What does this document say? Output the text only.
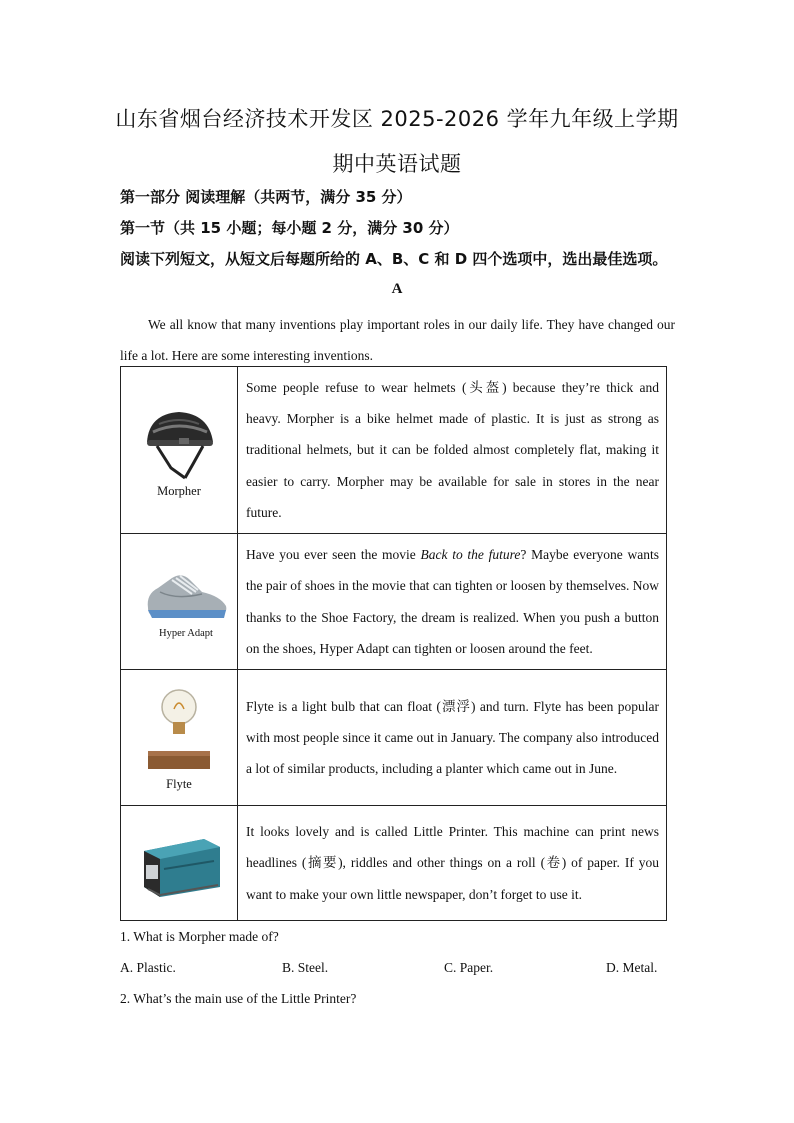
山东省烟台经济技术开发区 2025-2026 学年九年级上学期
期中英语试题
第一部分 阅读理解（共两节，满分 35 分）
第一节（共 15 小题；每小题 2 分，满分 30 分）
阅读下列短文，从短文后每题所给的 A、B、C 和 D 四个选项中，选出最佳选项。
A
We all know that many inventions play important roles in our daily life. They have changed our life a lot. Here are some interesting inventions.
Morpher	Some people refuse to wear helmets (头盔) because they’re thick and heavy. Morpher is a bike helmet made of plastic. It is just as strong as traditional helmets, but it can be folded almost completely flat, making it easier to carry. Morpher may be available for sale in stores in the near future.

Hyper Adapt	Have you ever seen the movie Back to the future? Maybe everyone wants the pair of shoes in the movie that can tighten or loosen by themselves. Now thanks to the Shoe Factory, the dream is realized. When you push a button on the shoes, Hyper Adapt can tighten or loosen around the feet.

Flyte	Flyte is a light bulb that can float (漂浮) and turn. Flyte has been popular with most people since it came out in January. The company also introduced a lot of similar products, including a planter which came out in June.

	It looks lovely and is called Little Printer. This machine can print news headlines (摘要), riddles and other things on a roll (卷) of paper. If you want to make your own little newspaper, don’t forget to use it.
1. What is Morpher made of?
A. Plastic.	B. Steel.	C. Paper.	D. Metal.
2. What’s the main use of the Little Printer?
